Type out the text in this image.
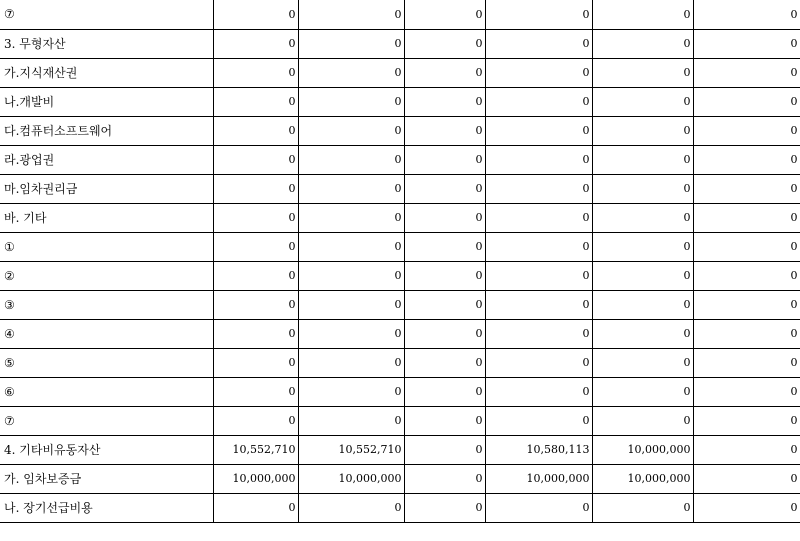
⑦	0	0	0	0	0	0
3. 무형자산	0	0	0	0	0	0
가.지식재산권	0	0	0	0	0	0
나.개발비	0	0	0	0	0	0
다.컴퓨터소프트웨어	0	0	0	0	0	0
라.광업권	0	0	0	0	0	0
마.임차권리금	0	0	0	0	0	0
바. 기타	0	0	0	0	0	0
①	0	0	0	0	0	0
②	0	0	0	0	0	0
③	0	0	0	0	0	0
④	0	0	0	0	0	0
⑤	0	0	0	0	0	0
⑥	0	0	0	0	0	0
⑦	0	0	0	0	0	0
4. 기타비유동자산	10,552,710	10,552,710	0	10,580,113	10,000,000	0
가. 임차보증금	10,000,000	10,000,000	0	10,000,000	10,000,000	0
나. 장기선급비용	0	0	0	0	0	0
